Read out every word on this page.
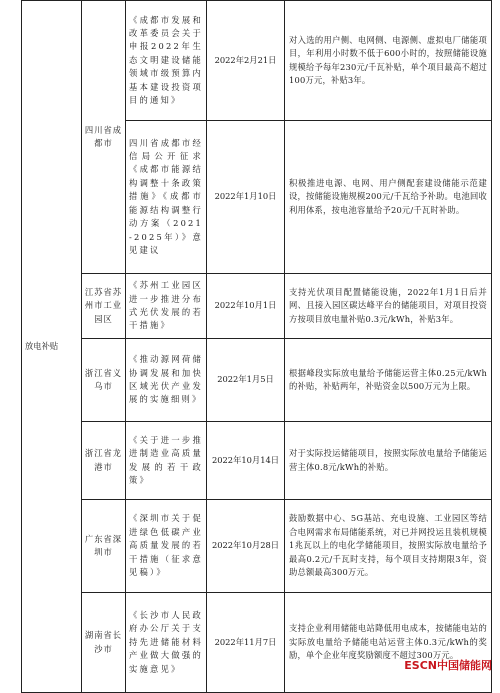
放电补贴	四川省成都市	《成都市发展和改革委员会关于申报2022年生态文明建设储能领域市级预算内基本建设投资项目的通知》	2022年2月21日	对入选的用户侧、电网侧、电源侧、虚拟电厂储能项目，年利用小时数不低于600小时的，按照储能设施规模给予每年230元/千瓦补贴，单个项目最高不超过100万元，补贴3年。
		四川省成都市经信局公开征求《成都市能源结构调整十条政策措施》《成都市能源结构调整行动方案（2021-2025年）》意见建议	2022年1月10日	积极推进电源、电网、用户侧配套建设储能示范建设，按储能设施规模200元/千瓦给予补助。电池回收利用体系，按电池容量给予20元/千瓦时补助。
	江苏省苏州市工业园区	《苏州工业园区进一步推进分布式光伏发展的若干措施》	2022年10月1日	支持光伏项目配置储能设施，2022年1月1日后并网、且接入园区碳达峰平台的储能项目，对项目投资方按项目放电量补贴0.3元/kWh，补贴3年。
	浙江省义乌市	《推动源网荷储协调发展和加快区域光伏产业发展的实施细则》	2022年1月5日	根据峰段实际放电量给予储能运营主体0.25元/kWh的补贴，补贴两年，补贴资金以500万元为上限。
	浙江省龙港市	《关于进一步推进制造业高质量发展的若干政策》	2022年10月14日	对于实际投运储能项目，按照实际放电量给予储能运营主体0.8元/kWh的补贴。
	广东省深圳市	《深圳市关于促进绿色低碳产业高质量发展的若干措施（征求意见稿）》	2022年10月28日	鼓励数据中心、5G基站、充电设施、工业园区等结合电网需求布局储能系统，对已并网投运且装机规模1兆瓦以上的电化学储能项目，按照实际放电量给予最高0.2元/千瓦时支持，每个项目支持期限3年，资助总额最高300万元。
	湖南省长沙市	《长沙市人民政府办公厅关于支持先进储能材料产业做大做强的实施意见》	2022年11月7日	支持企业利用储能电站降低用电成本，按储能电站的实际放电量给予储能电站运营主体0.3元/kWh的奖励，单个企业年度奖励额度不超过300万元。
ESCN中国储能网
